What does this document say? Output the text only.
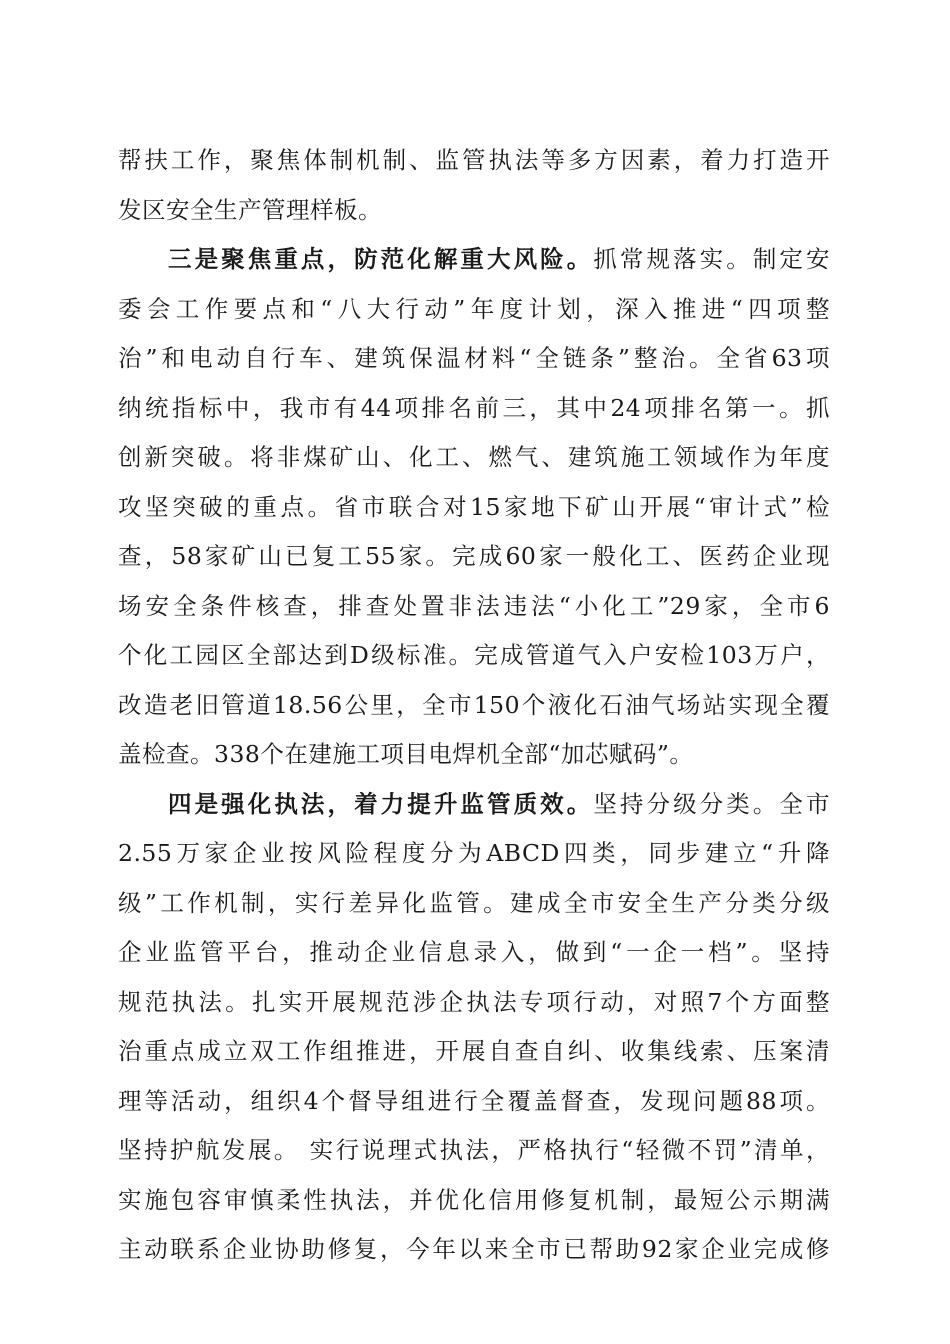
帮扶工作，聚焦体制机制、监管执法等多方因素，着力打造开
发区安全生产管理样板。
三是聚焦重点，防范化解重大风险。抓常规落实。制定安
委会工作要点和“八大行动”年度计划，深入推进“四项整
治”和电动自行车、建筑保温材料“全链条”整治。全省63项
纳统指标中，我市有44项排名前三，其中24项排名第一。抓
创新突破。将非煤矿山、化工、燃气、建筑施工领域作为年度
攻坚突破的重点。省市联合对15家地下矿山开展“审计式”检
查，58家矿山已复工55家。完成60家一般化工、医药企业现
场安全条件核查，排查处置非法违法“小化工”29家，全市6
个化工园区全部达到D级标准。完成管道气入户安检103万户，
改造老旧管道18.56公里，全市150个液化石油气场站实现全覆
盖检查。338个在建施工项目电焊机全部“加芯赋码”。
四是强化执法，着力提升监管质效。坚持分级分类。全市
2.55万家企业按风险程度分为ABCD四类，同步建立“升降
级”工作机制，实行差异化监管。建成全市安全生产分类分级
企业监管平台，推动企业信息录入，做到“一企一档”。坚持
规范执法。扎实开展规范涉企执法专项行动，对照7个方面整
治重点成立双工作组推进，开展自查自纠、收集线索、压案清
理等活动，组织4个督导组进行全覆盖督查，发现问题88项。
坚持护航发展。 实行说理式执法，严格执行“轻微不罚”清单，
实施包容审慎柔性执法，并优化信用修复机制，最短公示期满
主动联系企业协助修复，今年以来全市已帮助92家企业完成修
